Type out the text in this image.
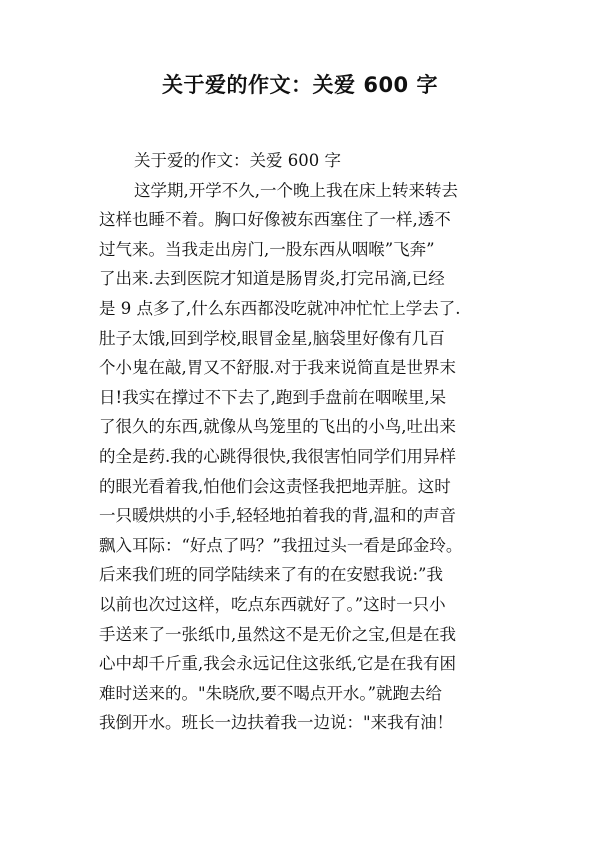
关于爱的作文：关爱 600 字
关于爱的作文：关爱 600 字
这学期,开学不久,一个晚上我在床上转来转去
这样也睡不着。胸口好像被东西塞住了一样,透不
过气来。当我走出房门,一股东西从咽喉”飞奔”
了出来.去到医院才知道是肠胃炎,打完吊滴,已经
是 9 点多了,什么东西都没吃就冲冲忙忙上学去了.
肚子太饿,回到学校,眼冒金星,脑袋里好像有几百
个小鬼在敲,胃又不舒服.对于我来说简直是世界末
日!我实在撑过不下去了,跑到手盘前在咽喉里,呆
了很久的东西,就像从鸟笼里的飞出的小鸟,吐出来
的全是药.我的心跳得很快,我很害怕同学们用异样
的眼光看着我,怕他们会这责怪我把地弄脏。这时
一只暖烘烘的小手,轻轻地拍着我的背,温和的声音
飘入耳际：“好点了吗？”我扭过头一看是邱金玲。
后来我们班的同学陆续来了有的在安慰我说:”我
以前也次过这样，吃点东西就好了。”这时一只小
手送来了一张纸巾,虽然这不是无价之宝,但是在我
心中却千斤重,我会永远记住这张纸,它是在我有困
难时送来的。"朱晓欣,要不喝点开水。”就跑去给
我倒开水。班长一边扶着我一边说："来我有油！
